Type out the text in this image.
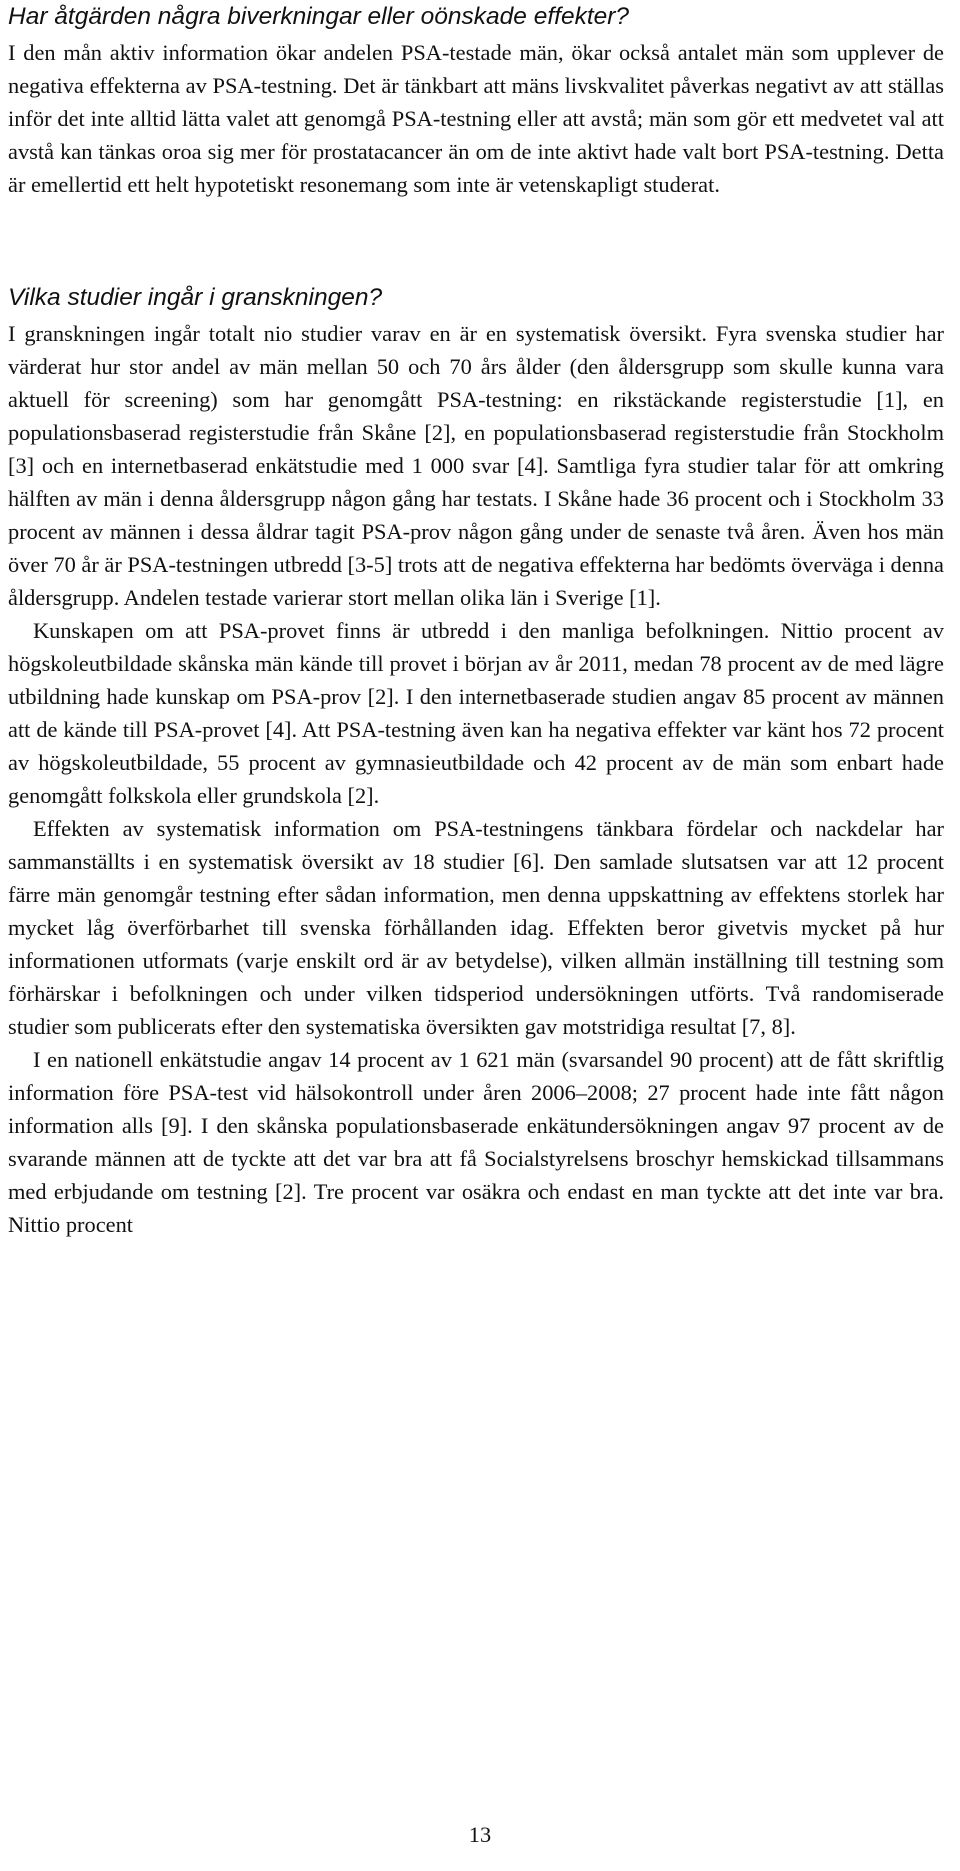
Har åtgärden några biverkningar eller oönskade effekter?

I den mån aktiv information ökar andelen PSA-testade män, ökar också antalet män som upplever de negativa effekterna av PSA-testning. Det är tänkbart att mäns livskvalitet påverkas negativt av att ställas inför det inte alltid lätta valet att genomgå PSA-testning eller att avstå; män som gör ett medvetet val att avstå kan tänkas oroa sig mer för prostatacancer än om de inte aktivt hade valt bort PSA-testning. Detta är emellertid ett helt hypotetiskt resonemang som inte är vetenskapligt studerat.

Vilka studier ingår i granskningen?

I granskningen ingår totalt nio studier varav en är en systematisk översikt. Fyra svenska studier har värderat hur stor andel av män mellan 50 och 70 års ålder (den åldersgrupp som skulle kunna vara aktuell för screening) som har genomgått PSA-testning: en rikstäckande registerstudie [1], en populationsbaserad registerstudie från Skåne [2], en populationsbaserad registerstudie från Stockholm [3] och en internetbaserad enkätstudie med 1 000 svar [4]. Samtliga fyra studier talar för att omkring hälften av män i denna åldersgrupp någon gång har testats. I Skåne hade 36 procent och i Stockholm 33 procent av männen i dessa åldrar tagit PSA-prov någon gång under de senaste två åren. Även hos män över 70 år är PSA-testningen utbredd [3-5] trots att de negativa effekterna har bedömts överväga i denna åldersgrupp. Andelen testade varierar stort mellan olika län i Sverige [1].

Kunskapen om att PSA-provet finns är utbredd i den manliga befolkningen. Nittio procent av högskoleutbildade skånska män kände till provet i början av år 2011, medan 78 procent av de med lägre utbildning hade kunskap om PSA-prov [2]. I den internetbaserade studien angav 85 procent av männen att de kände till PSA-provet [4]. Att PSA-testning även kan ha negativa effekter var känt hos 72 procent av högskoleutbildade, 55 procent av gymnasieutbildade och 42 procent av de män som enbart hade genomgått folkskola eller grundskola [2].

Effekten av systematisk information om PSA-testningens tänkbara fördelar och nackdelar har sammanställts i en systematisk översikt av 18 studier [6]. Den samlade slutsatsen var att 12 procent färre män genomgår testning efter sådan information, men denna uppskattning av effektens storlek har mycket låg överförbarhet till svenska förhållanden idag. Effekten beror givetvis mycket på hur informationen utformats (varje enskilt ord är av betydelse), vilken allmän inställning till testning som förhärskar i befolkningen och under vilken tidsperiod undersökningen utförts. Två randomiserade studier som publicerats efter den systematiska översikten gav motstridiga resultat [7, 8].

I en nationell enkätstudie angav 14 procent av 1 621 män (svarsandel 90 procent) att de fått skriftlig information före PSA-test vid hälsokontroll under åren 2006–2008; 27 procent hade inte fått någon information alls [9]. I den skånska populationsbaserade enkätundersökningen angav 97 procent av de svarande männen att de tyckte att det var bra att få Socialstyrelsens broschyr hemskickad tillsammans med erbjudande om testning [2]. Tre procent var osäkra och endast en man tyckte att det inte var bra. Nittio procent

13
